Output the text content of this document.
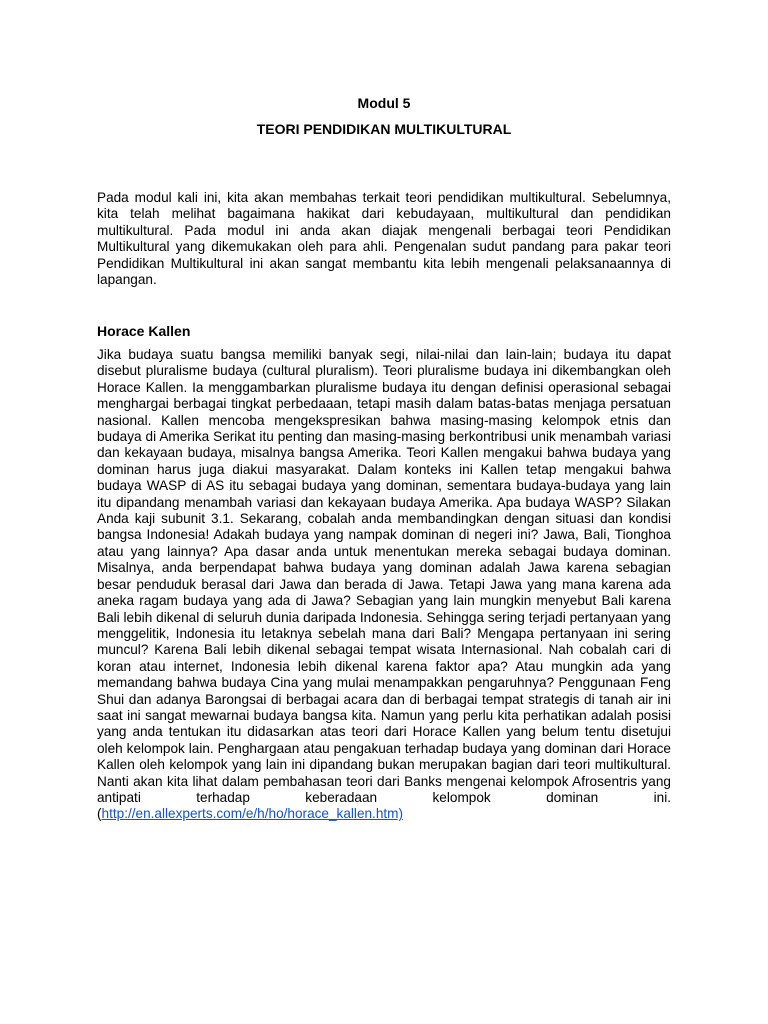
Modul 5

TEORI PENDIDIKAN MULTIKULTURAL

Pada modul kali ini, kita akan membahas terkait teori pendidikan multikultural. Sebelumnya, kita telah melihat bagaimana hakikat dari kebudayaan, multikultural dan pendidikan multikultural. Pada modul ini anda akan diajak mengenali berbagai teori Pendidikan Multikultural yang dikemukakan oleh para ahli. Pengenalan sudut pandang para pakar teori Pendidikan Multikultural ini akan sangat membantu kita lebih mengenali pelaksanaannya di lapangan.

Horace Kallen

Jika budaya suatu bangsa memiliki banyak segi, nilai-nilai dan lain-lain; budaya itu dapat disebut pluralisme budaya (cultural pluralism). Teori pluralisme budaya ini dikembangkan oleh Horace Kallen. Ia menggambarkan pluralisme budaya itu dengan definisi operasional sebagai menghargai berbagai tingkat perbedaaan, tetapi masih dalam batas-batas menjaga persatuan nasional. Kallen mencoba mengekspresikan bahwa masing-masing kelompok etnis dan budaya di Amerika Serikat itu penting dan masing-masing berkontribusi unik menambah variasi dan kekayaan budaya, misalnya bangsa Amerika. Teori Kallen mengakui bahwa budaya yang dominan harus juga diakui masyarakat. Dalam konteks ini Kallen tetap mengakui bahwa budaya WASP di AS itu sebagai budaya yang dominan, sementara budaya-budaya yang lain itu dipandang menambah variasi dan kekayaan budaya Amerika. Apa budaya WASP? Silakan Anda kaji subunit 3.1. Sekarang, cobalah anda membandingkan dengan situasi dan kondisi bangsa Indonesia! Adakah budaya yang nampak dominan di negeri ini? Jawa, Bali, Tionghoa atau yang lainnya? Apa dasar anda untuk menentukan mereka sebagai budaya dominan. Misalnya, anda berpendapat bahwa budaya yang dominan adalah Jawa karena sebagian besar penduduk berasal dari Jawa dan berada di Jawa. Tetapi Jawa yang mana karena ada aneka ragam budaya yang ada di Jawa? Sebagian yang lain mungkin menyebut Bali karena Bali lebih dikenal di seluruh dunia daripada Indonesia. Sehingga sering terjadi pertanyaan yang menggelitik, Indonesia itu letaknya sebelah mana dari Bali? Mengapa pertanyaan ini sering muncul? Karena Bali lebih dikenal sebagai tempat wisata Internasional. Nah cobalah cari di koran atau internet, Indonesia lebih dikenal karena faktor apa? Atau mungkin ada yang memandang bahwa budaya Cina yang mulai menampakkan pengaruhnya? Penggunaan Feng Shui dan adanya Barongsai di berbagai acara dan di berbagai tempat strategis di tanah air ini saat ini sangat mewarnai budaya bangsa kita. Namun yang perlu kita perhatikan adalah posisi yang anda tentukan itu didasarkan atas teori dari Horace Kallen yang belum tentu disetujui oleh kelompok lain. Penghargaan atau pengakuan terhadap budaya yang dominan dari Horace Kallen oleh kelompok yang lain ini dipandang bukan merupakan bagian dari teori multikultural. Nanti akan kita lihat dalam pembahasan teori dari Banks mengenai kelompok Afrosentris yang antipati terhadap keberadaan kelompok dominan ini. (http://en.allexperts.com/e/h/ho/horace_kallen.htm)
